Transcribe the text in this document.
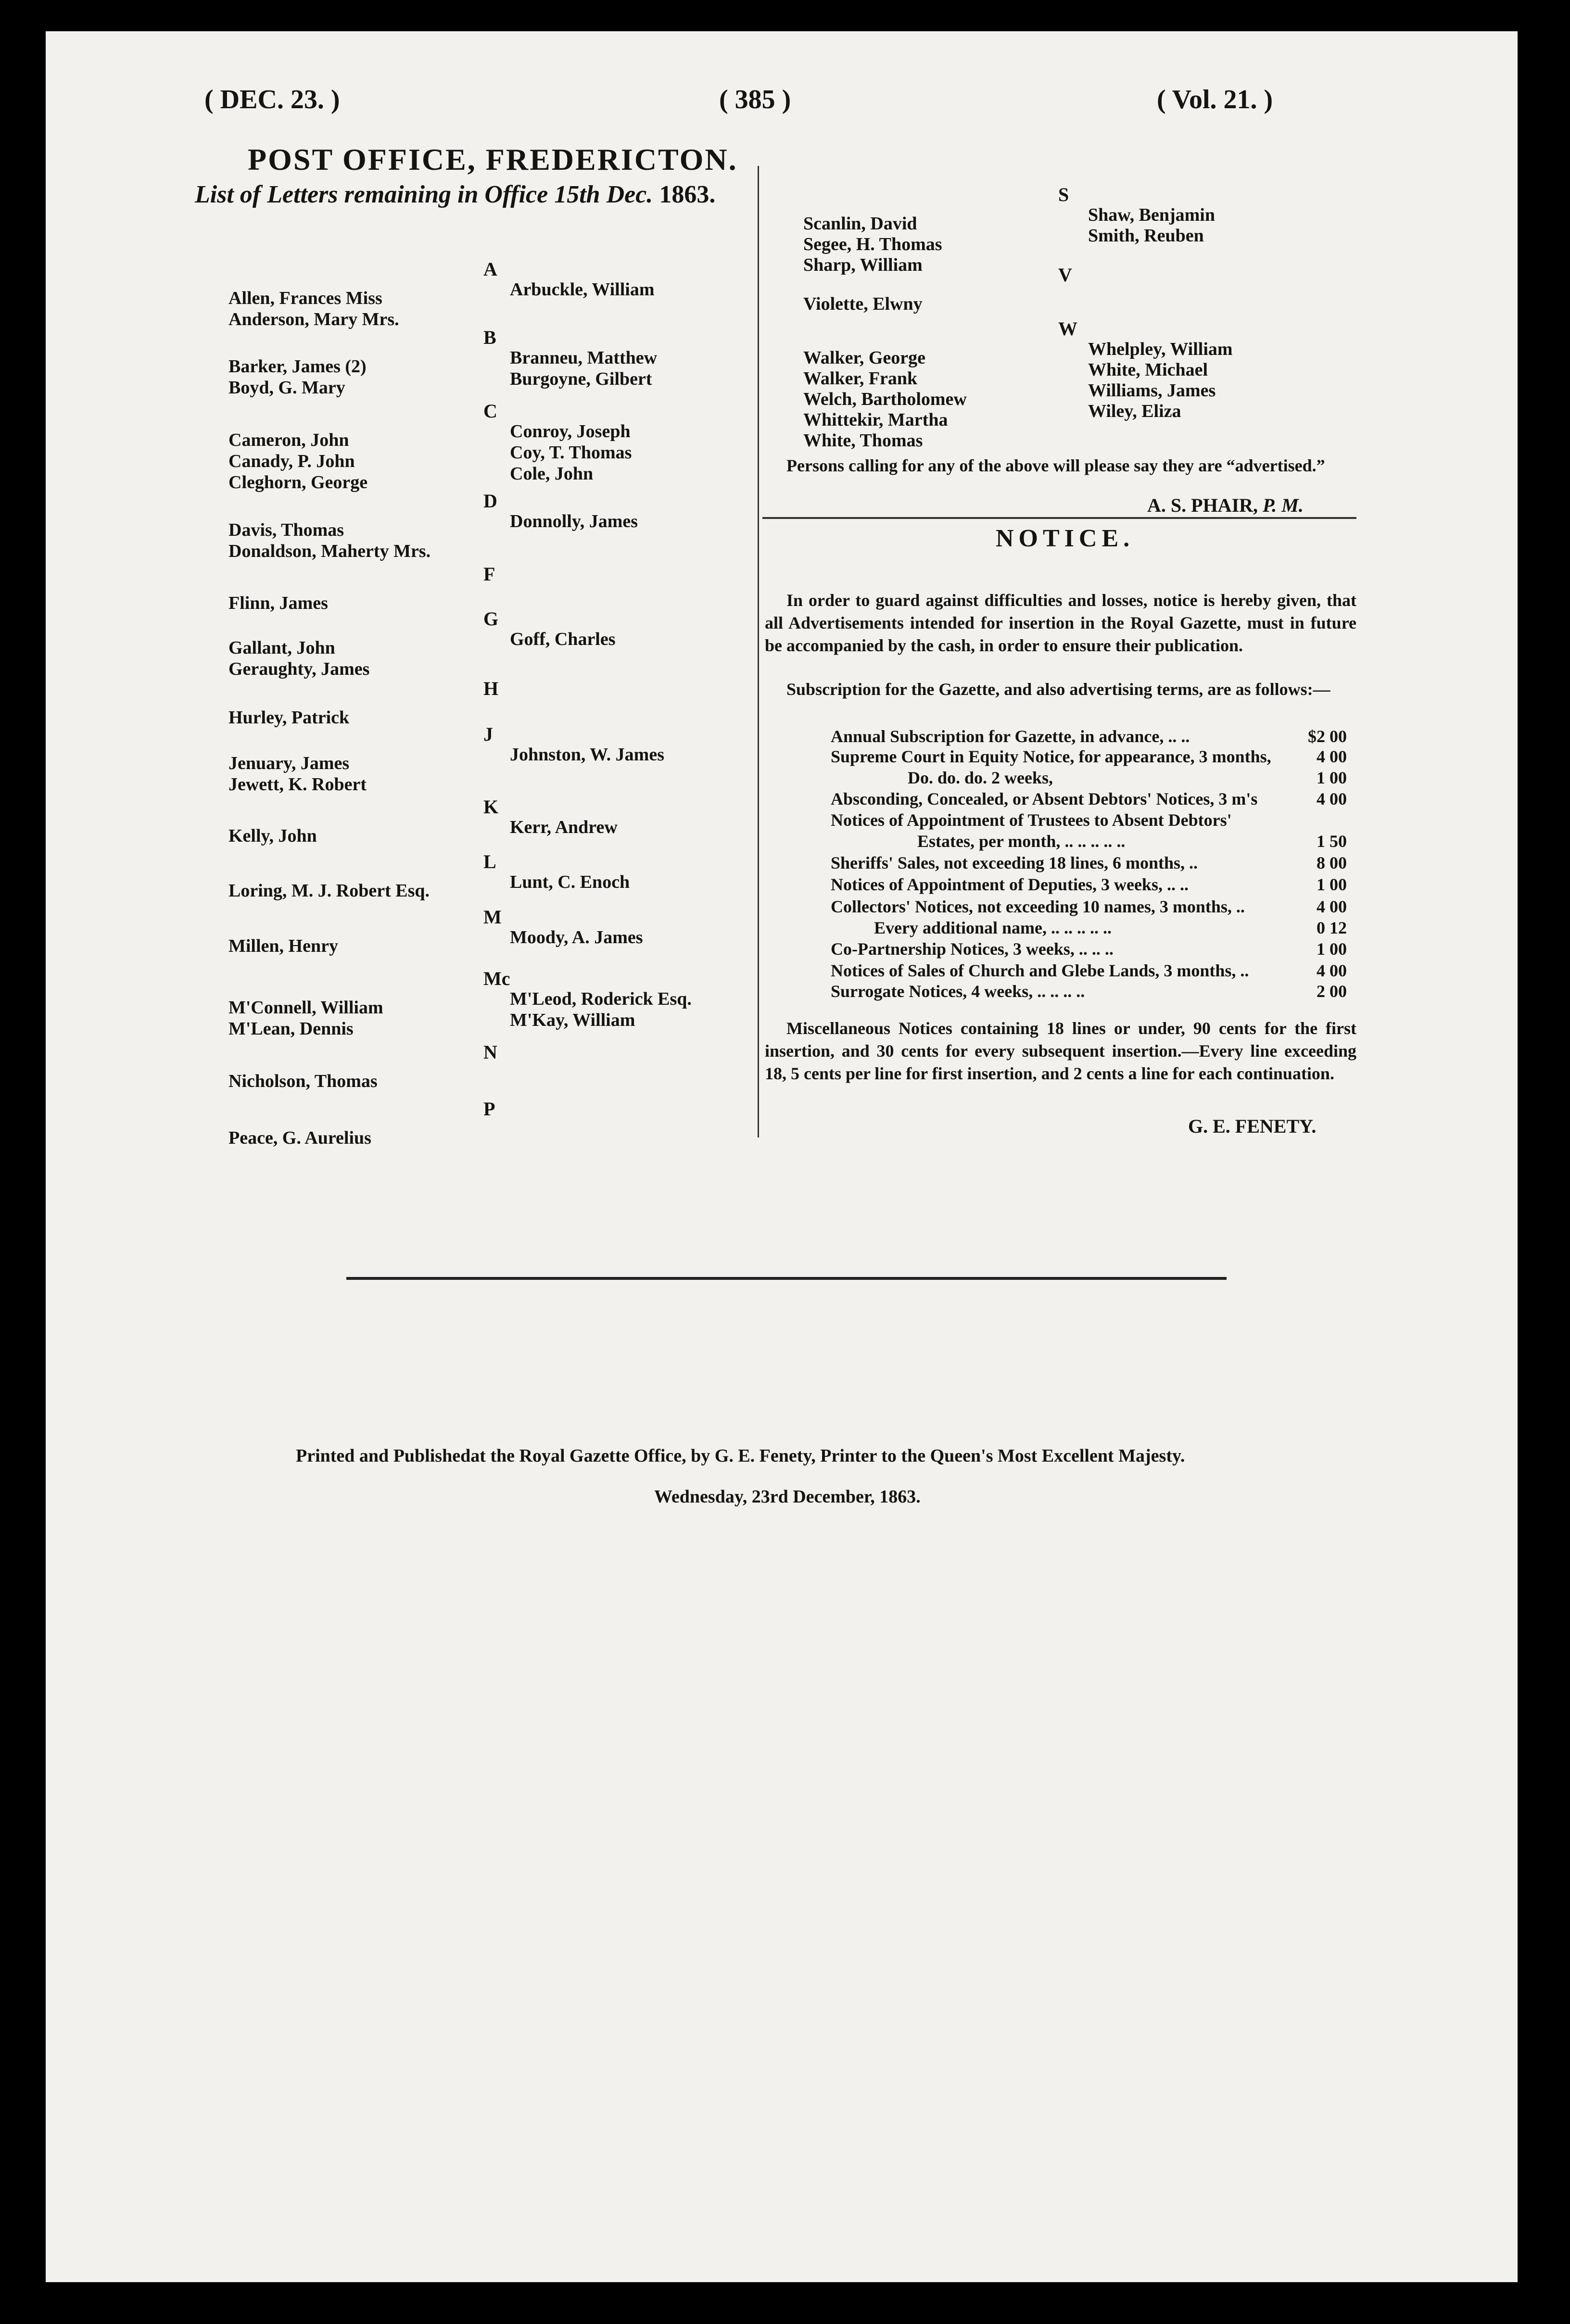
( DEC. 23. )	( 385 )	( Vol. 21. )
POST OFFICE, FREDERICTON.
List of Letters remaining in Office 15th Dec. 1863.
A
Allen, Frances Miss
Anderson, Mary Mrs.
Arbuckle, William
B
Barker, James (2)
Boyd, G. Mary
Branneu, Matthew
Burgoyne, Gilbert
C
Cameron, John
Canady, P. John
Cleghorn, George
Conroy, Joseph
Coy, T. Thomas
Cole, John
D
Davis, Thomas
Donaldson, Maherty Mrs.
Donnolly, James
F
Flinn, James
G
Gallant, John
Geraughty, James
Goff, Charles
H
Hurley, Patrick
J
Jenuary, James
Jewett, K. Robert
Johnston, W. James
K
Kelly, John	Kerr, Andrew
L
Loring, M. J. Robert Esq.	Lunt, C. Enoch
M
Millen, Henry	Moody, A. James
Mc
M'Connell, William
M'Lean, Dennis
M'Leod, Roderick Esq.
M'Kay, William
N
Nicholson, Thomas
P
Peace, G. Aurelius
S
Scanlin, David
Segee, H. Thomas
Sharp, William
Shaw, Benjamin
Smith, Reuben
V
Violette, Elwny
W
Walker, George
Walker, Frank
Welch, Bartholomew
Whittekir, Martha
White, Thomas
Whelpley, William
White, Michael
Williams, James
Wiley, Eliza
Persons calling for any of the above will please say they are “advertised.”
A. S. PHAIR, P. M.
NOTICE.
In order to guard against difficulties and losses, notice is hereby given, that all Advertisements intended for insertion in the Royal Gazette, must in future be accompanied by the cash, in order to ensure their publication.
Subscription for the Gazette, and also advertising terms, are as follows:—
Annual Subscription for Gazette, in advance, .. ..	$2 00
Supreme Court in Equity Notice, for appearance, 3 months,	4 00
Do. do. do. 2 weeks,	1 00
Absconding, Concealed, or Absent Debtors' Notices, 3 m's	4 00
Notices of Appointment of Trustees to Absent Debtors'
Estates, per month, .. .. .. .. ..	1 50
Sheriffs' Sales, not exceeding 18 lines, 6 months, ..	8 00
Notices of Appointment of Deputies, 3 weeks, .. ..	1 00
Collectors' Notices, not exceeding 10 names, 3 months, ..	4 00
Every additional name, .. .. .. .. ..	0 12
Co-Partnership Notices, 3 weeks, .. .. ..	1 00
Notices of Sales of Church and Glebe Lands, 3 months, ..	4 00
Surrogate Notices, 4 weeks, .. .. .. ..	2 00
Miscellaneous Notices containing 18 lines or under, 90 cents for the first insertion, and 30 cents for every subsequent insertion.—Every line exceeding 18, 5 cents per line for first insertion, and 2 cents a line for each continuation.
G. E. FENETY.
Printed and Publishedat the Royal Gazette Office, by G. E. Fenety, Printer to the Queen's Most Excellent Majesty.
Wednesday, 23rd December, 1863.
